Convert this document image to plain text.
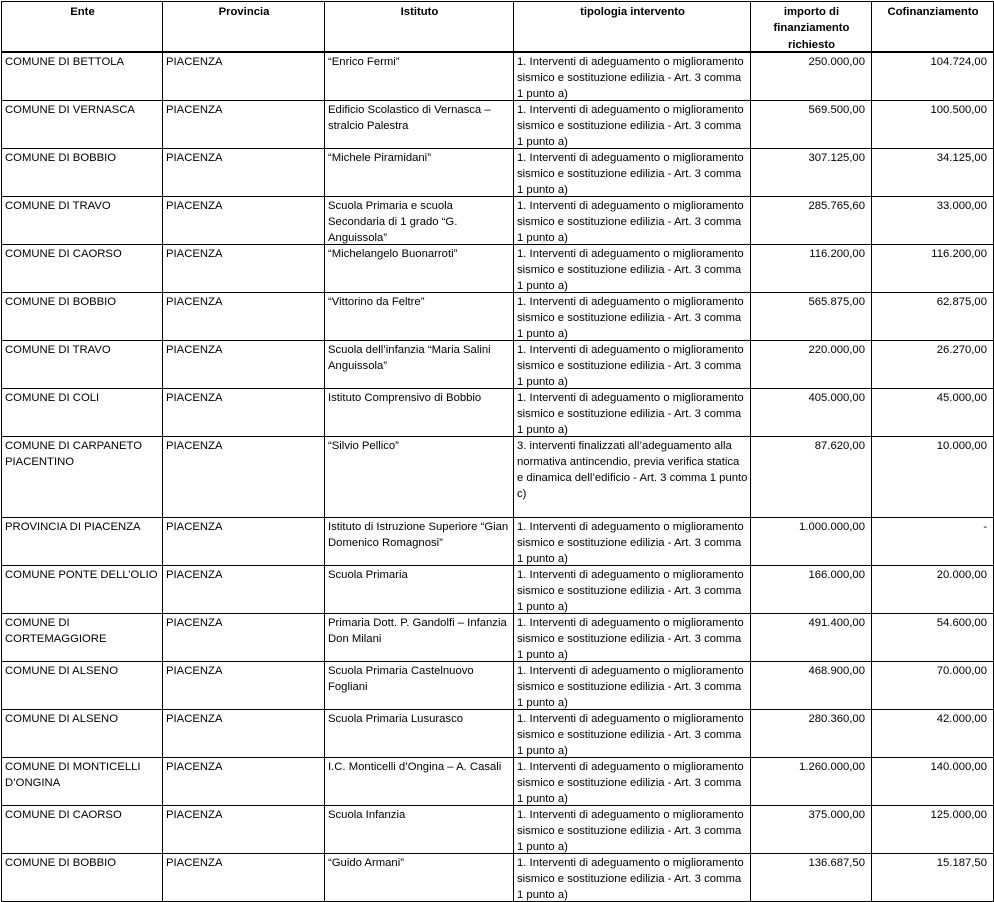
Ente	Provincia	Istituto	tipologia intervento	importo di finanziamento richiesto	Cofinanziamento

COMUNE DI BETTOLA	PIACENZA	“Enrico Fermi”	1. Interventi di adeguamento o miglioramento sismico e sostituzione edilizia - Art. 3 comma 1 punto a)	250.000,00	104.724,00

COMUNE DI VERNASCA	PIACENZA	Edificio Scolastico di Vernasca – stralcio Palestra	1. Interventi di adeguamento o miglioramento sismico e sostituzione edilizia - Art. 3 comma 1 punto a)	569.500,00	100.500,00

COMUNE DI BOBBIO	PIACENZA	“Michele Piramidani”	1. Interventi di adeguamento o miglioramento sismico e sostituzione edilizia - Art. 3 comma 1 punto a)	307.125,00	34.125,00

COMUNE DI TRAVO	PIACENZA	Scuola Primaria e scuola Secondaria di 1 grado “G. Anguissola”	1. Interventi di adeguamento o miglioramento sismico e sostituzione edilizia - Art. 3 comma 1 punto a)	285.765,60	33.000,00

COMUNE DI CAORSO	PIACENZA	“Michelangelo Buonarroti”	1. Interventi di adeguamento o miglioramento sismico e sostituzione edilizia - Art. 3 comma 1 punto a)	116.200,00	116.200,00

COMUNE DI BOBBIO	PIACENZA	“Vittorino da Feltre”	1. Interventi di adeguamento o miglioramento sismico e sostituzione edilizia - Art. 3 comma 1 punto a)	565.875,00	62.875,00

COMUNE DI TRAVO	PIACENZA	Scuola dell’infanzia “Maria Salini Anguissola”	1. Interventi di adeguamento o miglioramento sismico e sostituzione edilizia - Art. 3 comma 1 punto a)	220.000,00	26.270,00

COMUNE DI COLI	PIACENZA	Istituto Comprensivo di Bobbio	1. Interventi di adeguamento o miglioramento sismico e sostituzione edilizia - Art. 3 comma 1 punto a)	405.000,00	45.000,00

COMUNE DI CARPANETO PIACENTINO	PIACENZA	“Silvio Pellico”	3. interventi finalizzati all’adeguamento alla normativa antincendio, previa verifica statica e dinamica dell’edificio - Art. 3 comma 1 punto c)	87.620,00	10.000,00

PROVINCIA DI PIACENZA	PIACENZA	Istituto di Istruzione Superiore “Gian Domenico Romagnosi”	1. Interventi di adeguamento o miglioramento sismico e sostituzione edilizia - Art. 3 comma 1 punto a)	1.000.000,00	-

COMUNE PONTE DELL’OLIO	PIACENZA	Scuola Primaria	1. Interventi di adeguamento o miglioramento sismico e sostituzione edilizia - Art. 3 comma 1 punto a)	166.000,00	20.000,00

COMUNE DI CORTEMAGGIORE	PIACENZA	Primaria Dott. P. Gandolfi – Infanzia Don Milani	1. Interventi di adeguamento o miglioramento sismico e sostituzione edilizia - Art. 3 comma 1 punto a)	491.400,00	54.600,00

COMUNE DI ALSENO	PIACENZA	Scuola Primaria Castelnuovo Fogliani	1. Interventi di adeguamento o miglioramento sismico e sostituzione edilizia - Art. 3 comma 1 punto a)	468.900,00	70.000,00

COMUNE DI ALSENO	PIACENZA	Scuola Primaria Lusurasco	1. Interventi di adeguamento o miglioramento sismico e sostituzione edilizia - Art. 3 comma 1 punto a)	280.360,00	42.000,00

COMUNE DI MONTICELLI D’ONGINA	PIACENZA	I.C. Monticelli d’Ongina – A. Casali	1. Interventi di adeguamento o miglioramento sismico e sostituzione edilizia - Art. 3 comma 1 punto a)	1.260.000,00	140.000,00

COMUNE DI CAORSO	PIACENZA	Scuola Infanzia	1. Interventi di adeguamento o miglioramento sismico e sostituzione edilizia - Art. 3 comma 1 punto a)	375.000,00	125.000,00

COMUNE DI BOBBIO	PIACENZA	“Guido Armani”	1. Interventi di adeguamento o miglioramento sismico e sostituzione edilizia - Art. 3 comma 1 punto a)	136.687,50	15.187,50
